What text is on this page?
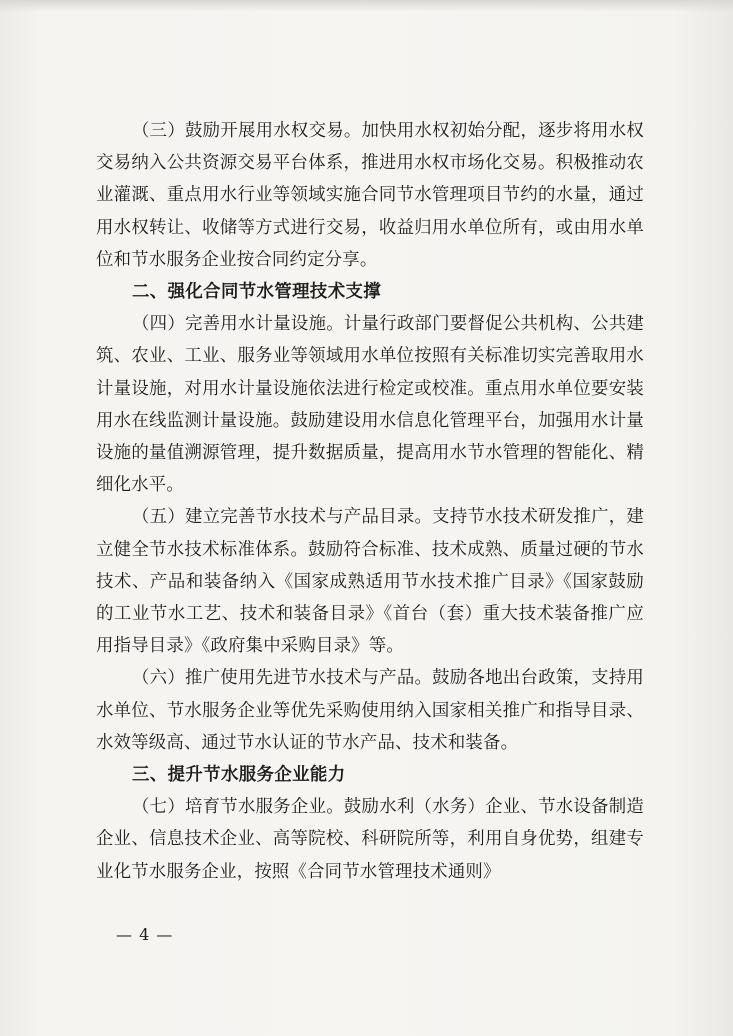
（三）鼓励开展用水权交易。加快用水权初始分配，逐步将用水权交易纳入公共资源交易平台体系，推进用水权市场化交易。积极推动农业灌溉、重点用水行业等领域实施合同节水管理项目节约的水量，通过用水权转让、收储等方式进行交易，收益归用水单位所有，或由用水单位和节水服务企业按合同约定分享。

二、强化合同节水管理技术支撑

（四）完善用水计量设施。计量行政部门要督促公共机构、公共建筑、农业、工业、服务业等领域用水单位按照有关标准切实完善取用水计量设施，对用水计量设施依法进行检定或校准。重点用水单位要安装用水在线监测计量设施。鼓励建设用水信息化管理平台，加强用水计量设施的量值溯源管理，提升数据质量，提高用水节水管理的智能化、精细化水平。

（五）建立完善节水技术与产品目录。支持节水技术研发推广，建立健全节水技术标准体系。鼓励符合标准、技术成熟、质量过硬的节水技术、产品和装备纳入《国家成熟适用节水技术推广目录》《国家鼓励的工业节水工艺、技术和装备目录》《首台（套）重大技术装备推广应用指导目录》《政府集中采购目录》等。

（六）推广使用先进节水技术与产品。鼓励各地出台政策，支持用水单位、节水服务企业等优先采购使用纳入国家相关推广和指导目录、水效等级高、通过节水认证的节水产品、技术和装备。

三、提升节水服务企业能力

（七）培育节水服务企业。鼓励水利（水务）企业、节水设备制造企业、信息技术企业、高等院校、科研院所等，利用自身优势，组建专业化节水服务企业，按照《合同节水管理技术通则》

— 4 —
